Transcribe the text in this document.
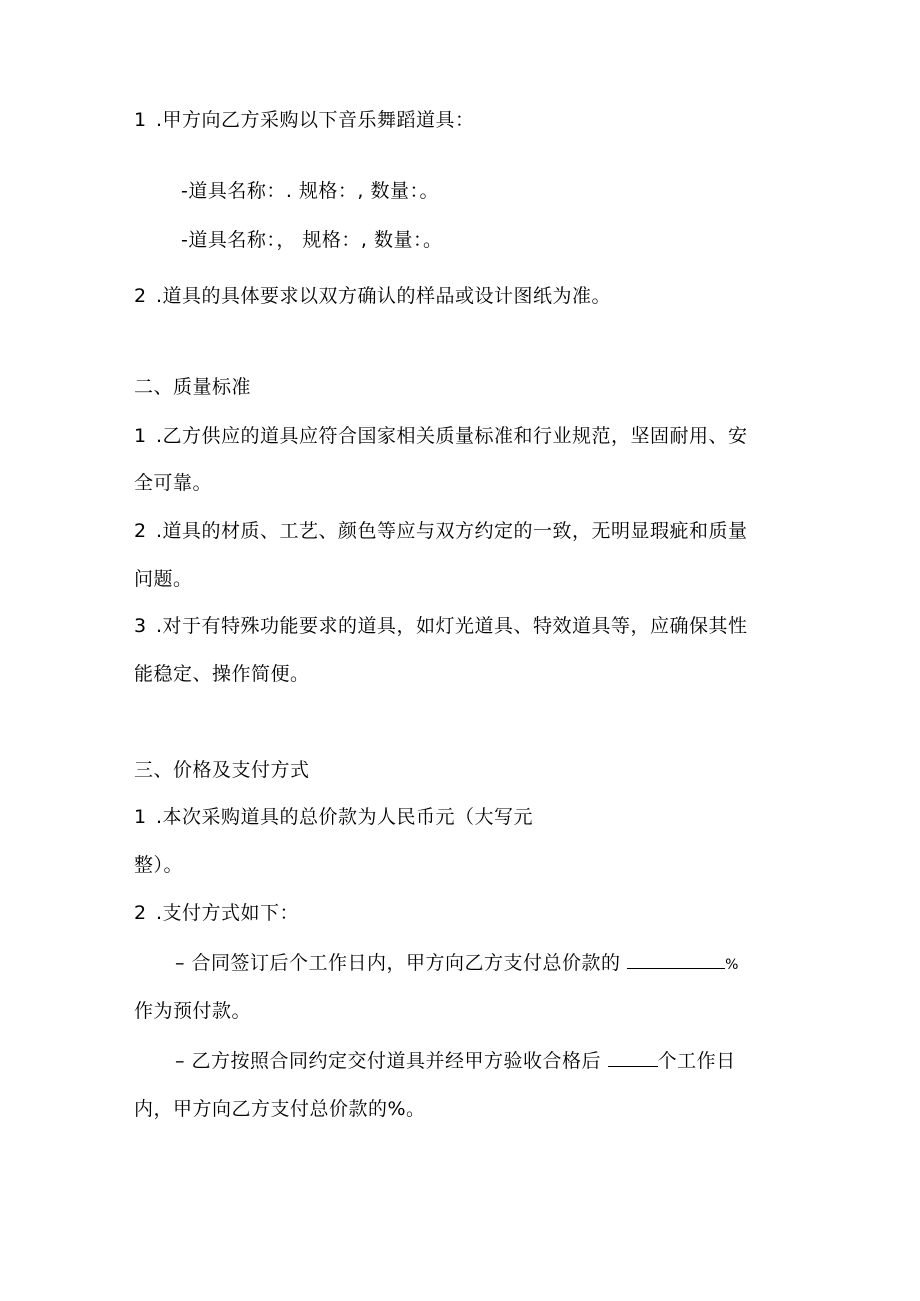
1 .甲方向乙方采购以下音乐舞蹈道具：
-道具名称：. 规格：, 数量：。
-道具名称：， 规格：, 数量：。
2 .道具的具体要求以双方确认的样品或设计图纸为准。
二、质量标准
1 .乙方供应的道具应符合国家相关质量标准和行业规范，坚固耐用、安
全可靠。
2 .道具的材质、工艺、颜色等应与双方约定的一致，无明显瑕疵和质量
问题。
3 .对于有特殊功能要求的道具，如灯光道具、特效道具等，应确保其性
能稳定、操作简便。
三、价格及支付方式
1 .本次采购道具的总价款为人民币元（大写元
整）。
2 .支付方式如下：
– 合同签订后个工作日内，甲方向乙方支付总价款的	%
作为预付款。
– 乙方按照合同约定交付道具并经甲方验收合格后	个工作日
内，甲方向乙方支付总价款的%。
